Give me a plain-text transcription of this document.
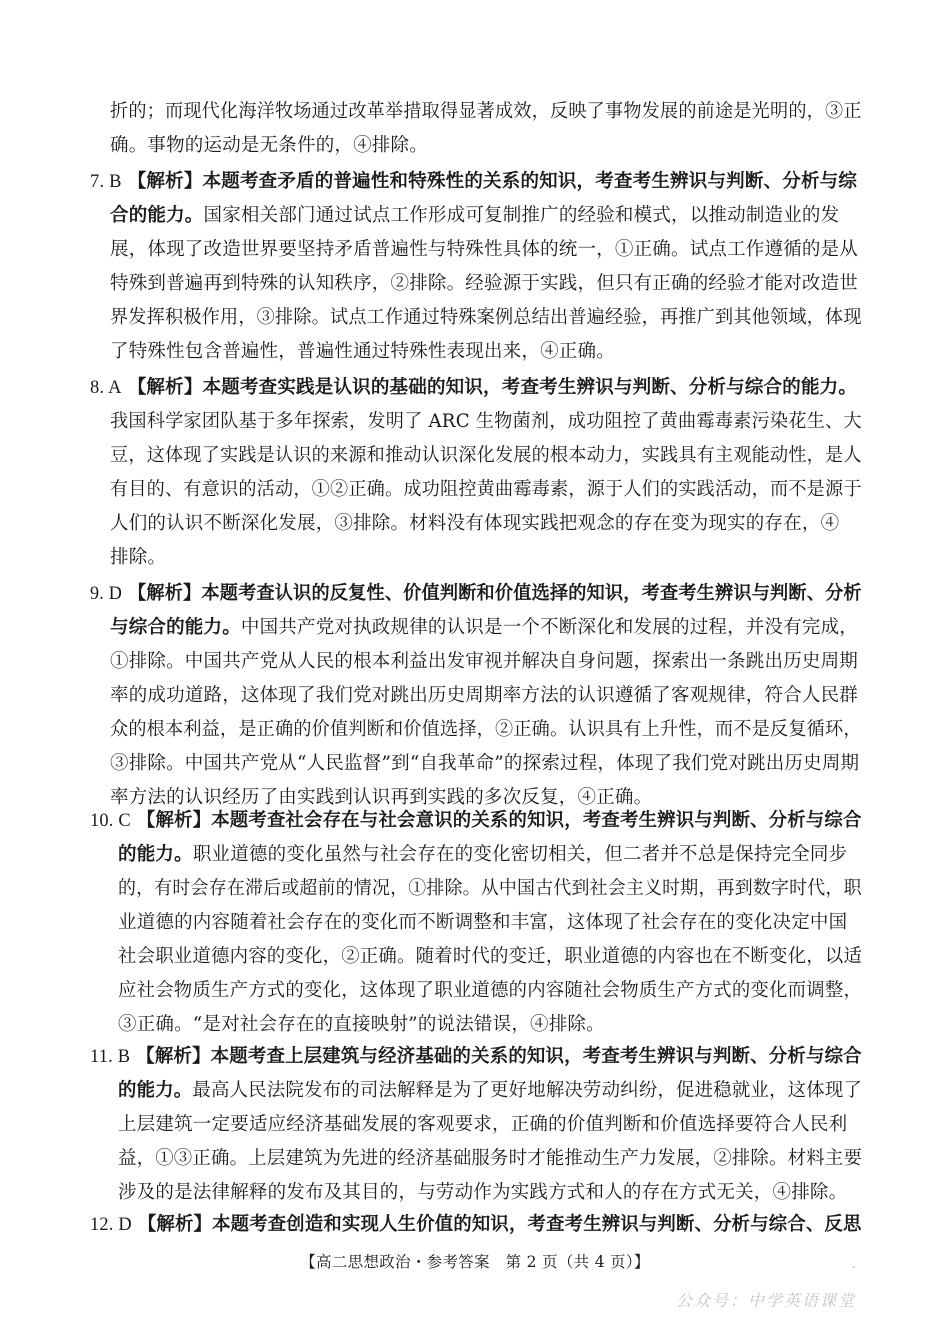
折的；而现代化海洋牧场通过改革举措取得显著成效，反映了事物发展的前途是光明的，③正
确。事物的运动是无条件的，④排除。
7. B 【解析】本题考查矛盾的普遍性和特殊性的关系的知识，考查考生辨识与判断、分析与综
合的能力。国家相关部门通过试点工作形成可复制推广的经验和模式，以推动制造业的发
展，体现了改造世界要坚持矛盾普遍性与特殊性具体的统一，①正确。试点工作遵循的是从
特殊到普遍再到特殊的认知秩序，②排除。经验源于实践，但只有正确的经验才能对改造世
界发挥积极作用，③排除。试点工作通过特殊案例总结出普遍经验，再推广到其他领域，体现
了特殊性包含普遍性，普遍性通过特殊性表现出来，④正确。
8. A 【解析】本题考查实践是认识的基础的知识，考查考生辨识与判断、分析与综合的能力。
我国科学家团队基于多年探索，发明了 ARC 生物菌剂，成功阻控了黄曲霉毒素污染花生、大
豆，这体现了实践是认识的来源和推动认识深化发展的根本动力，实践具有主观能动性，是人
有目的、有意识的活动，①②正确。成功阻控黄曲霉毒素，源于人们的实践活动，而不是源于
人们的认识不断深化发展，③排除。材料没有体现实践把观念的存在变为现实的存在，④
排除。
9. D 【解析】本题考查认识的反复性、价值判断和价值选择的知识，考查考生辨识与判断、分析
与综合的能力。中国共产党对执政规律的认识是一个不断深化和发展的过程，并没有完成，
①排除。中国共产党从人民的根本利益出发审视并解决自身问题，探索出一条跳出历史周期
率的成功道路，这体现了我们党对跳出历史周期率方法的认识遵循了客观规律，符合人民群
众的根本利益，是正确的价值判断和价值选择，②正确。认识具有上升性，而不是反复循环，
③排除。中国共产党从“人民监督”到“自我革命”的探索过程，体现了我们党对跳出历史周期
率方法的认识经历了由实践到认识再到实践的多次反复，④正确。
10. C 【解析】本题考查社会存在与社会意识的关系的知识，考查考生辨识与判断、分析与综合
的能力。职业道德的变化虽然与社会存在的变化密切相关，但二者并不总是保持完全同步
的，有时会存在滞后或超前的情况，①排除。从中国古代到社会主义时期，再到数字时代，职
业道德的内容随着社会存在的变化而不断调整和丰富，这体现了社会存在的变化决定中国
社会职业道德内容的变化，②正确。随着时代的变迁，职业道德的内容也在不断变化，以适
应社会物质生产方式的变化，这体现了职业道德的内容随社会物质生产方式的变化而调整，
③正确。“是对社会存在的直接映射”的说法错误，④排除。
11. B 【解析】本题考查上层建筑与经济基础的关系的知识，考查考生辨识与判断、分析与综合
的能力。最高人民法院发布的司法解释是为了更好地解决劳动纠纷，促进稳就业，这体现了
上层建筑一定要适应经济基础发展的客观要求，正确的价值判断和价值选择要符合人民利
益，①③正确。上层建筑为先进的经济基础服务时才能推动生产力发展，②排除。材料主要
涉及的是法律解释的发布及其目的，与劳动作为实践方式和人的存在方式无关，④排除。
12. D 【解析】本题考查创造和实现人生价值的知识，考查考生辨识与判断、分析与综合、反思
【高二思想政治・参考答案　第 2 页（共 4 页）】	-
公众号：中学英语课堂
